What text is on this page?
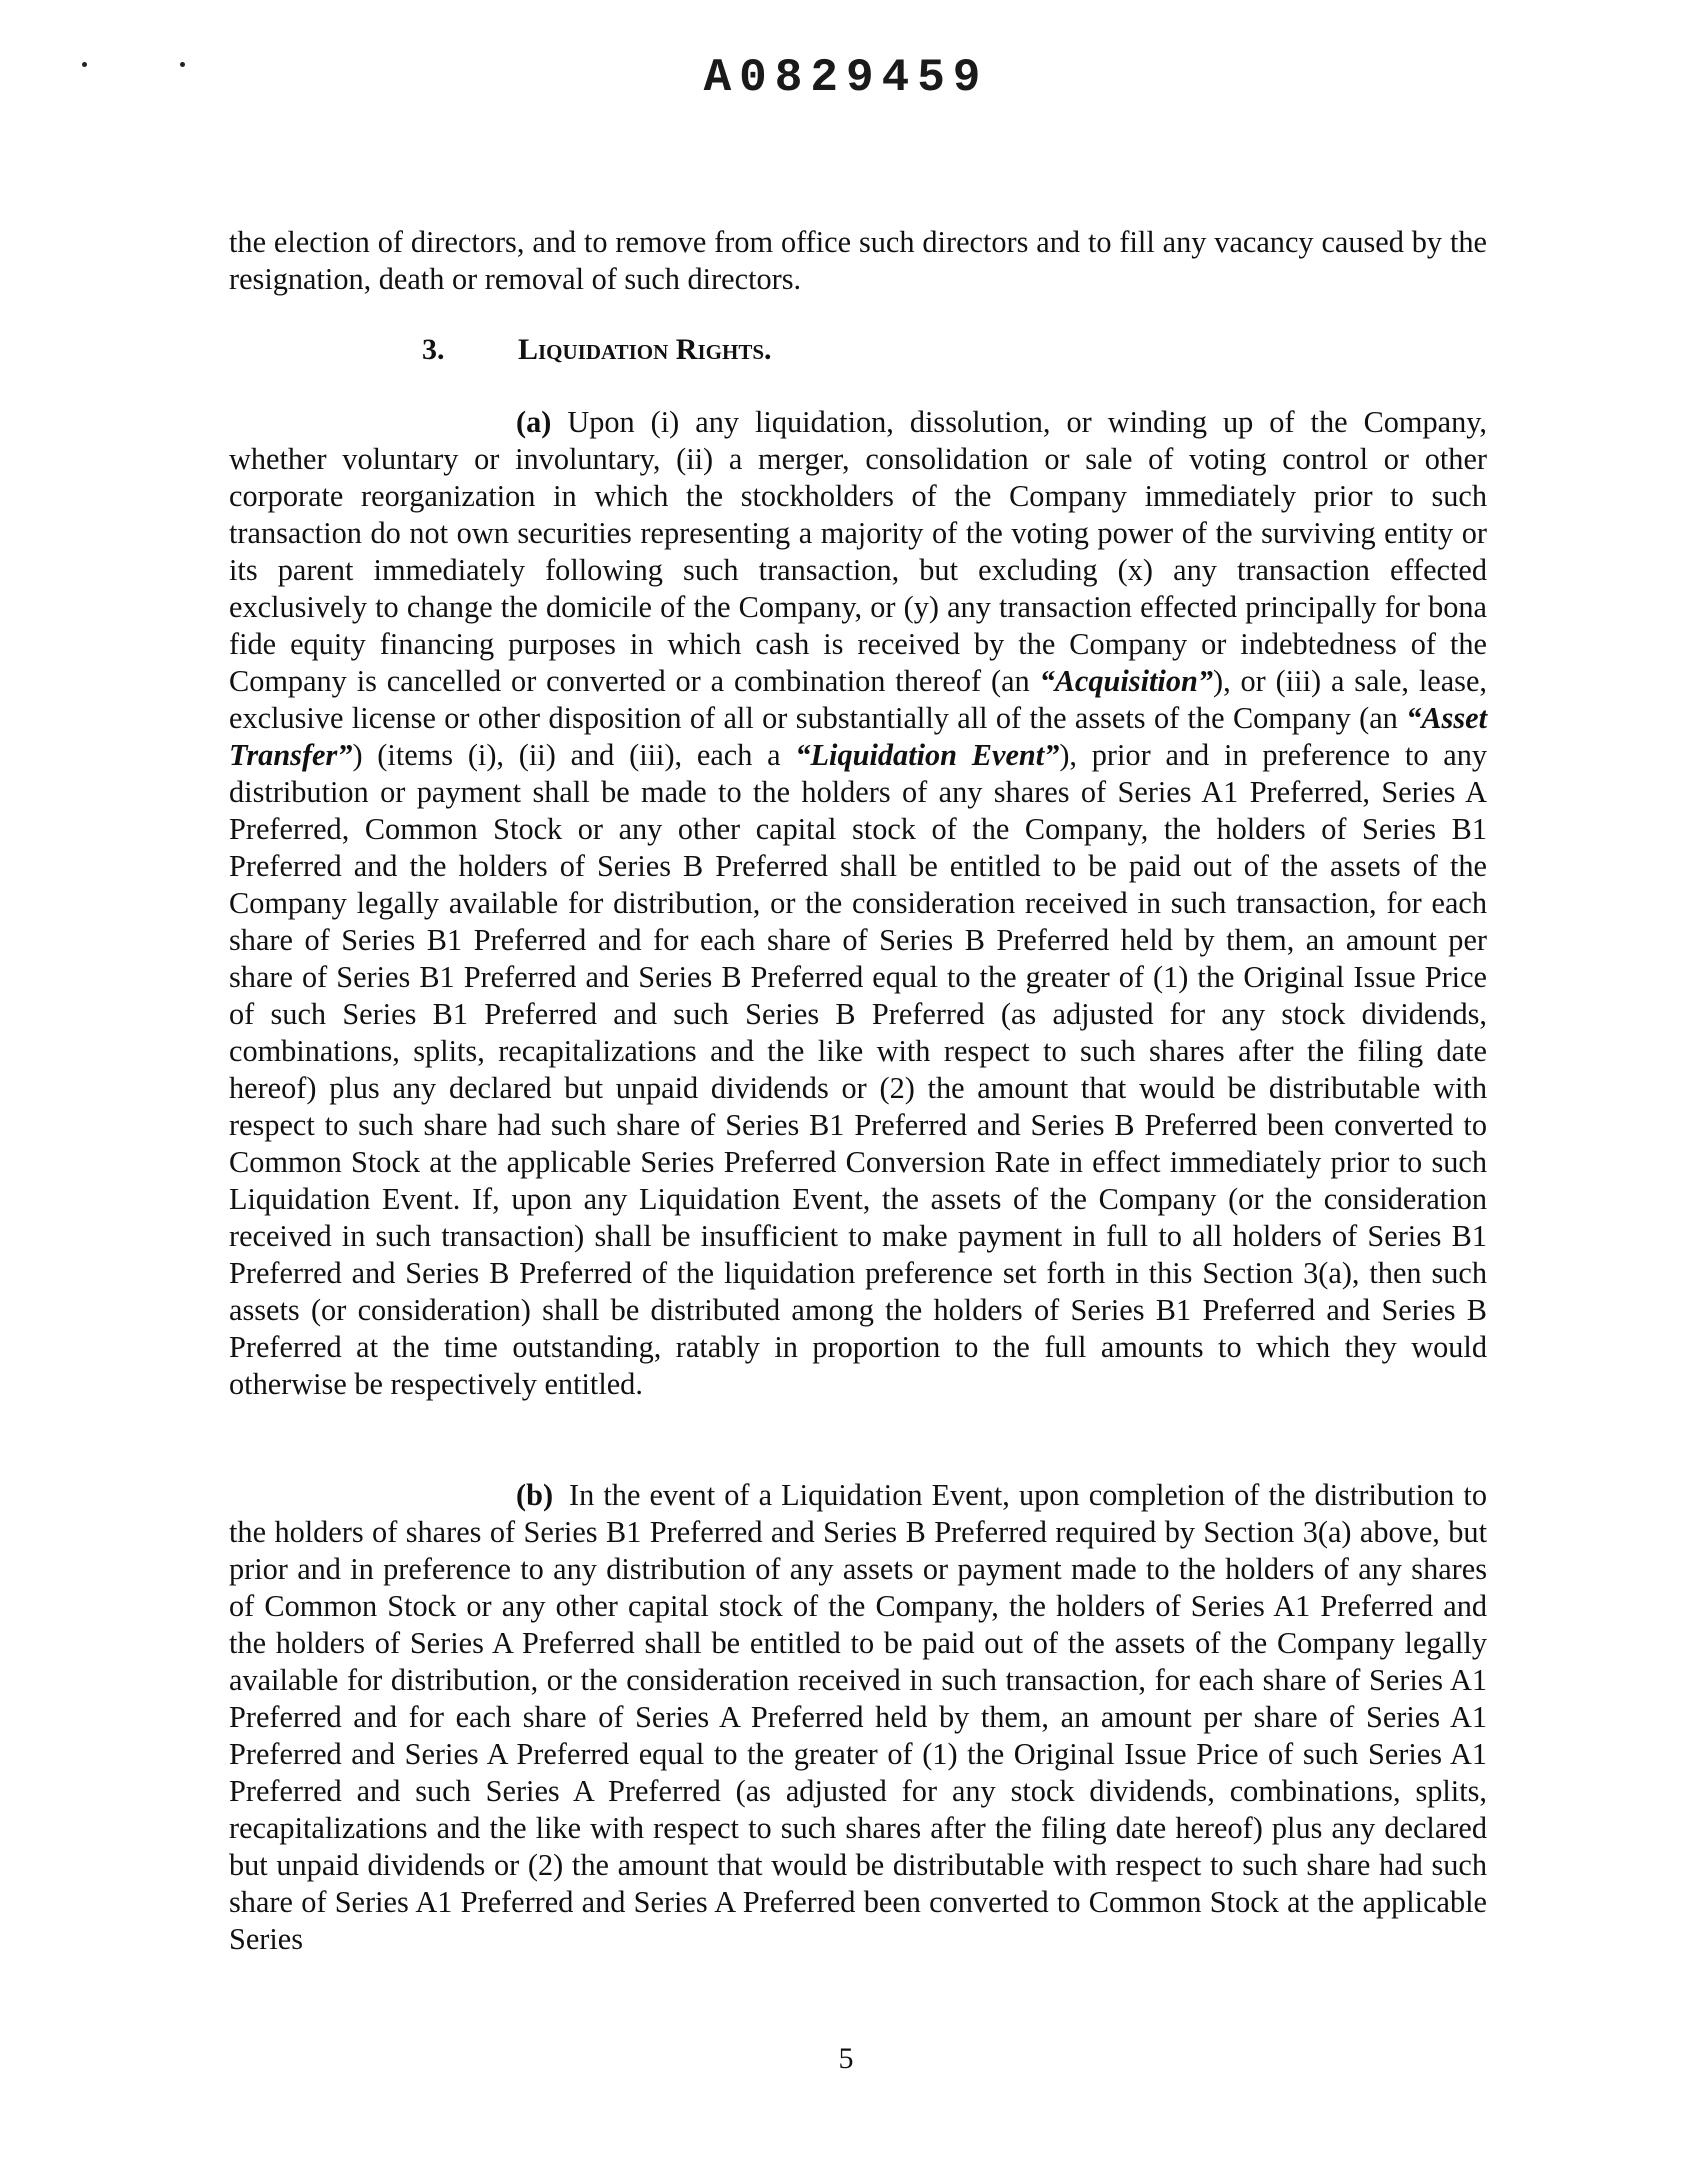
A0829459
the election of directors, and to remove from office such directors and to fill any vacancy caused by the resignation, death or removal of such directors.
3. Liquidation Rights.
(a) Upon (i) any liquidation, dissolution, or winding up of the Company, whether voluntary or involuntary, (ii) a merger, consolidation or sale of voting control or other corporate reorganization in which the stockholders of the Company immediately prior to such transaction do not own securities representing a majority of the voting power of the surviving entity or its parent immediately following such transaction, but excluding (x) any transaction effected exclusively to change the domicile of the Company, or (y) any transaction effected principally for bona fide equity financing purposes in which cash is received by the Company or indebtedness of the Company is cancelled or converted or a combination thereof (an “Acquisition”), or (iii) a sale, lease, exclusive license or other disposition of all or substantially all of the assets of the Company (an “Asset Transfer”) (items (i), (ii) and (iii), each a “Liquidation Event”), prior and in preference to any distribution or payment shall be made to the holders of any shares of Series A1 Preferred, Series A Preferred, Common Stock or any other capital stock of the Company, the holders of Series B1 Preferred and the holders of Series B Preferred shall be entitled to be paid out of the assets of the Company legally available for distribution, or the consideration received in such transaction, for each share of Series B1 Preferred and for each share of Series B Preferred held by them, an amount per share of Series B1 Preferred and Series B Preferred equal to the greater of (1) the Original Issue Price of such Series B1 Preferred and such Series B Preferred (as adjusted for any stock dividends, combinations, splits, recapitalizations and the like with respect to such shares after the filing date hereof) plus any declared but unpaid dividends or (2) the amount that would be distributable with respect to such share had such share of Series B1 Preferred and Series B Preferred been converted to Common Stock at the applicable Series Preferred Conversion Rate in effect immediately prior to such Liquidation Event. If, upon any Liquidation Event, the assets of the Company (or the consideration received in such transaction) shall be insufficient to make payment in full to all holders of Series B1 Preferred and Series B Preferred of the liquidation preference set forth in this Section 3(a), then such assets (or consideration) shall be distributed among the holders of Series B1 Preferred and Series B Preferred at the time outstanding, ratably in proportion to the full amounts to which they would otherwise be respectively entitled.
(b) In the event of a Liquidation Event, upon completion of the distribution to the holders of shares of Series B1 Preferred and Series B Preferred required by Section 3(a) above, but prior and in preference to any distribution of any assets or payment made to the holders of any shares of Common Stock or any other capital stock of the Company, the holders of Series A1 Preferred and the holders of Series A Preferred shall be entitled to be paid out of the assets of the Company legally available for distribution, or the consideration received in such transaction, for each share of Series A1 Preferred and for each share of Series A Preferred held by them, an amount per share of Series A1 Preferred and Series A Preferred equal to the greater of (1) the Original Issue Price of such Series A1 Preferred and such Series A Preferred (as adjusted for any stock dividends, combinations, splits, recapitalizations and the like with respect to such shares after the filing date hereof) plus any declared but unpaid dividends or (2) the amount that would be distributable with respect to such share had such share of Series A1 Preferred and Series A Preferred been converted to Common Stock at the applicable Series
5
